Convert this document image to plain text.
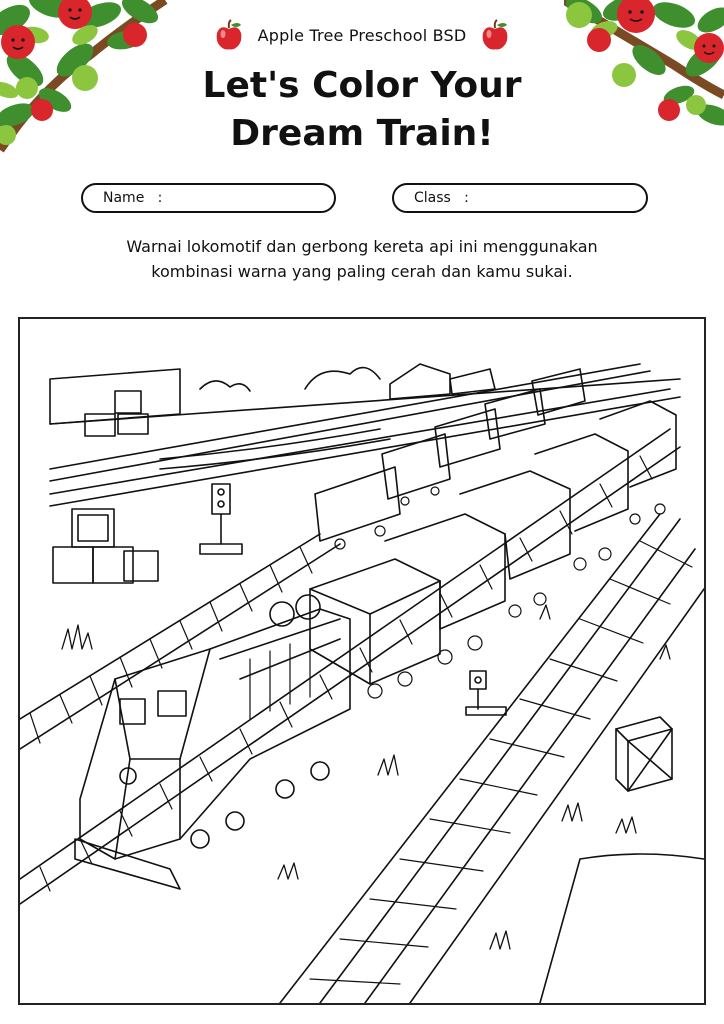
Apple Tree Preschool BSD
Let's Color Your
Dream Train!
Name   :	Class   :
Warnai lokomotif dan gerbong kereta api ini menggunakan
kombinasi warna yang paling cerah dan kamu sukai.
